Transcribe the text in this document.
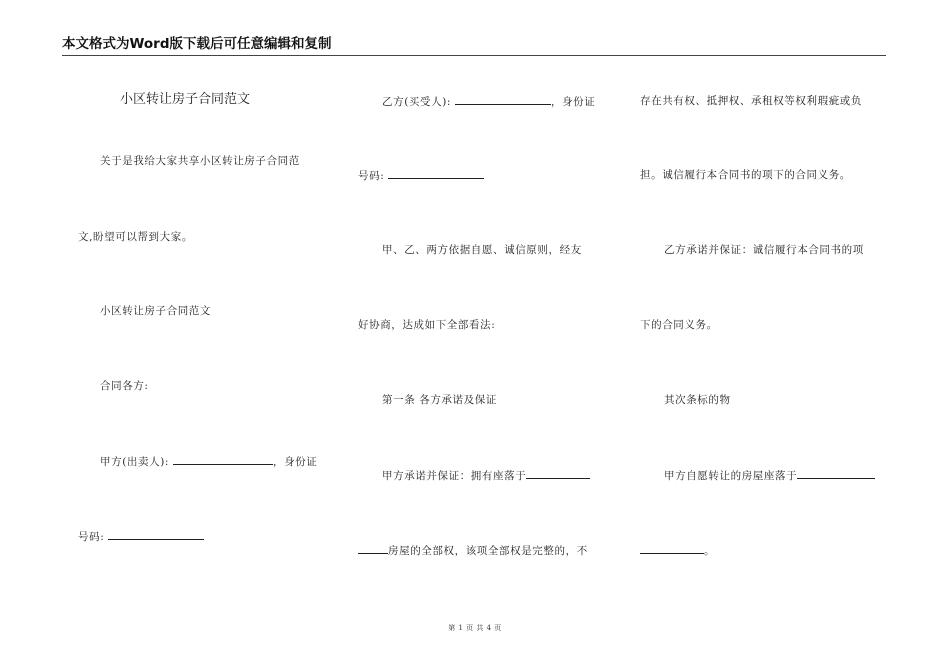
本文格式为Word版下载后可任意编辑和复制
小区转让房子合同范文
关于是我给大家共享小区转让房子合同范
文,盼望可以帮到大家。
小区转让房子合同范文
合同各方:
甲方(出卖人):	，身份证
号码:
乙方(买受人):	，身份证
号码:
甲、乙、两方依据自愿、诚信原则，经友
好协商，达成如下全部看法:
第一条 各方承诺及保证
甲方承诺并保证：拥有座落于
房屋的全部权，该项全部权是完整的，不
存在共有权、抵押权、承租权等权利瑕疵或负
担。诚信履行本合同书的项下的合同义务。
乙方承诺并保证：诚信履行本合同书的项
下的合同义务。
其次条标的物
甲方自愿转让的房屋座落于
。
第 1 页 共 4 页
